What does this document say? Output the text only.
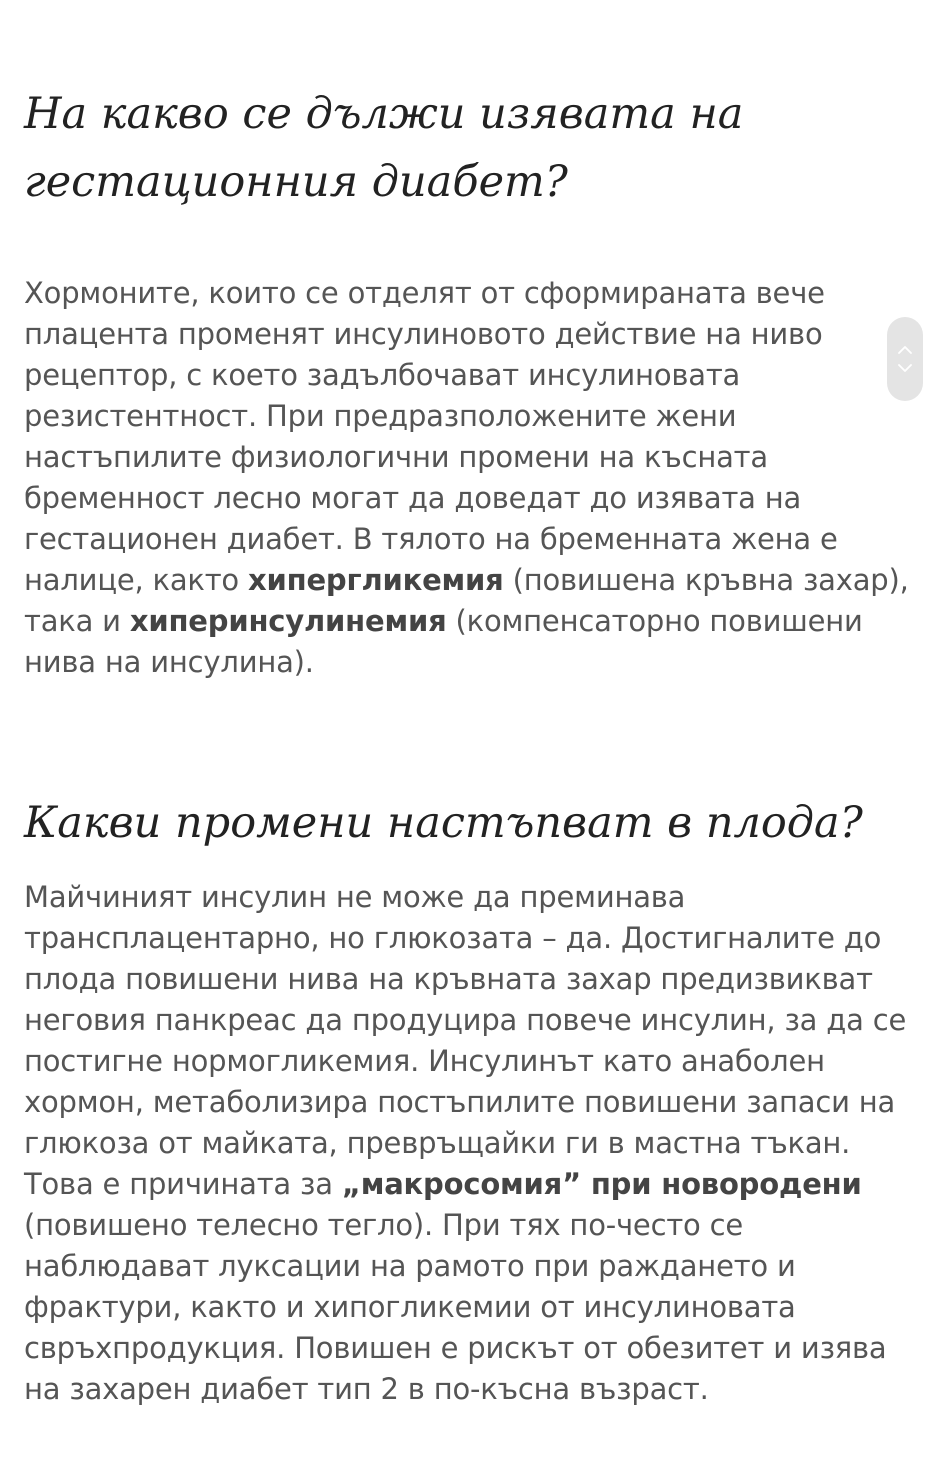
На какво се дължи изявата на гестационния диабет?

Хормоните, които се отделят от сформираната вече плацента променят инсулиновото действие на ниво рецептор, с което задълбочават инсулиновата резистентност. При предразположените жени настъпилите физиологични промени на късната бременност лесно могат да доведат до изявата на гестационен диабет. В тялото на бременната жена е налице, както хипергликемия (повишена кръвна захар), така и хиперинсулинемия (компенсаторно повишени нива на инсулина).

Какви промени настъпват в плода?

Майчиният инсулин не може да преминава трансплацентарно, но глюкозата – да. Достигналите до плода повишени нива на кръвната захар предизвикват неговия панкреас да продуцира повече инсулин, за да се постигне нормогликемия. Инсулинът като анаболен хормон, метаболизира постъпилите повишени запаси на глюкоза от майката, превръщайки ги в мастна тъкан. Това е причината за „макросомия” при новородени (повишено телесно тегло). При тях по-често се наблюдават луксации на рамото при раждането и фрактури, както и хипогликемии от инсулиновата свръхпродукция. Повишен е рискът от обезитет и изява на захарен диабет тип 2 в по-късна възраст.
